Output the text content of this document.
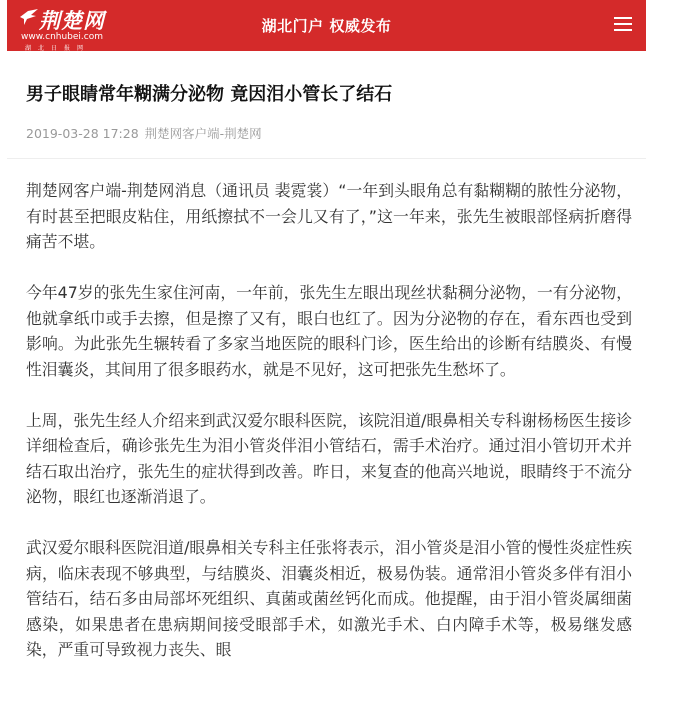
荆楚网
www.cnhubei.com
湖北日报网
湖北门户 权威发布
男子眼睛常年糊满分泌物 竟因泪小管长了结石
2019-03-28 17:28 荆楚网客户端-荆楚网

荆楚网客户端-荆楚网消息（通讯员 裴霓裳）“一年到头眼角总有黏糊糊的脓性分泌物，有时甚至把眼皮粘住，用纸擦拭不一会儿又有了，”这一年来，张先生被眼部怪病折磨得痛苦不堪。

今年47岁的张先生家住河南，一年前，张先生左眼出现丝状黏稠分泌物，一有分泌物，他就拿纸巾或手去擦，但是擦了又有，眼白也红了。因为分泌物的存在，看东西也受到影响。为此张先生辗转看了多家当地医院的眼科门诊，医生给出的诊断有结膜炎、有慢性泪囊炎，其间用了很多眼药水，就是不见好，这可把张先生愁坏了。

上周，张先生经人介绍来到武汉爱尔眼科医院，该院泪道/眼鼻相关专科谢杨杨医生接诊详细检查后，确诊张先生为泪小管炎伴泪小管结石，需手术治疗。通过泪小管切开术并结石取出治疗，张先生的症状得到改善。昨日，来复查的他高兴地说，眼睛终于不流分泌物，眼红也逐渐消退了。

武汉爱尔眼科医院泪道/眼鼻相关专科主任张将表示，泪小管炎是泪小管的慢性炎症性疾病，临床表现不够典型，与结膜炎、泪囊炎相近，极易伪装。通常泪小管炎多伴有泪小管结石，结石多由局部坏死组织、真菌或菌丝钙化而成。他提醒，由于泪小管炎属细菌感染，如果患者在患病期间接受眼部手术，如激光手术、白内障手术等，极易继发感染，严重可导致视力丧失、眼
